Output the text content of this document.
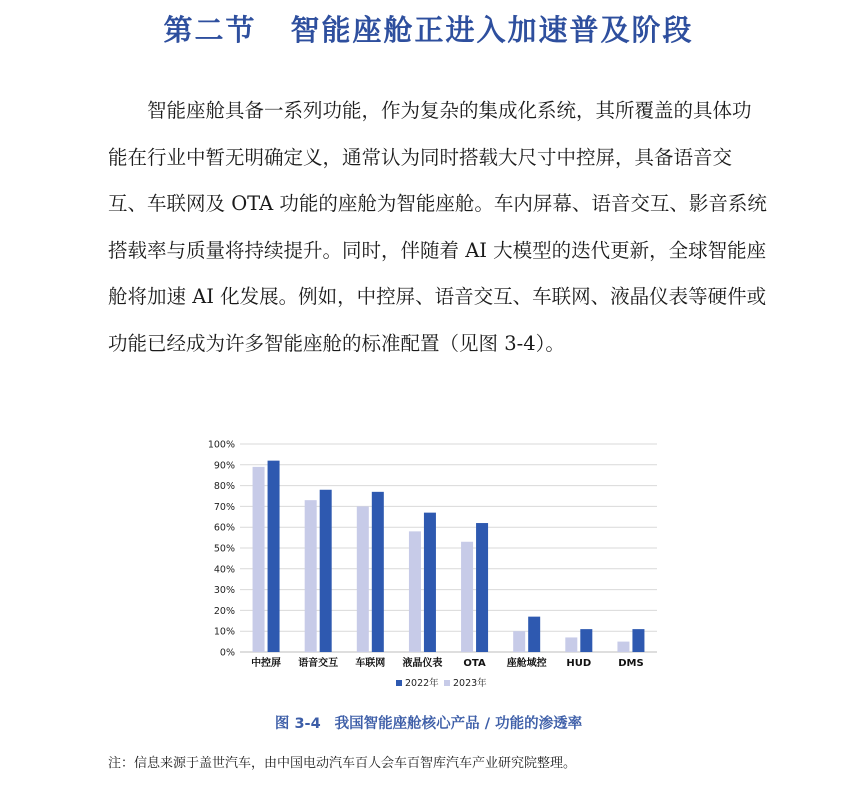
第二节 智能座舱正进入加速普及阶段

智能座舱具备一系列功能，作为复杂的集成化系统，其所覆盖的具体功能在行业中暂无明确定义，通常认为同时搭载大尺寸中控屏，具备语音交互、车联网及 OTA 功能的座舱为智能座舱。车内屏幕、语音交互、影音系统搭载率与质量将持续提升。同时，伴随着 AI 大模型的迭代更新，全球智能座舱将加速 AI 化发展。例如，中控屏、语音交互、车联网、液晶仪表等硬件或功能已经成为许多智能座舱的标准配置（见图 3-4）。

0%
10%
20%
30%
40%
50%
60%
70%
80%
90%
100%
中控屏 语音交互 车联网 液晶仪表 OTA 座舱域控 HUD	DMS
2022年 2023年
图 3-4 我国智能座舱核心产品 / 功能的渗透率
注：信息来源于盖世汽车，由中国电动汽车百人会车百智库汽车产业研究院整理。
